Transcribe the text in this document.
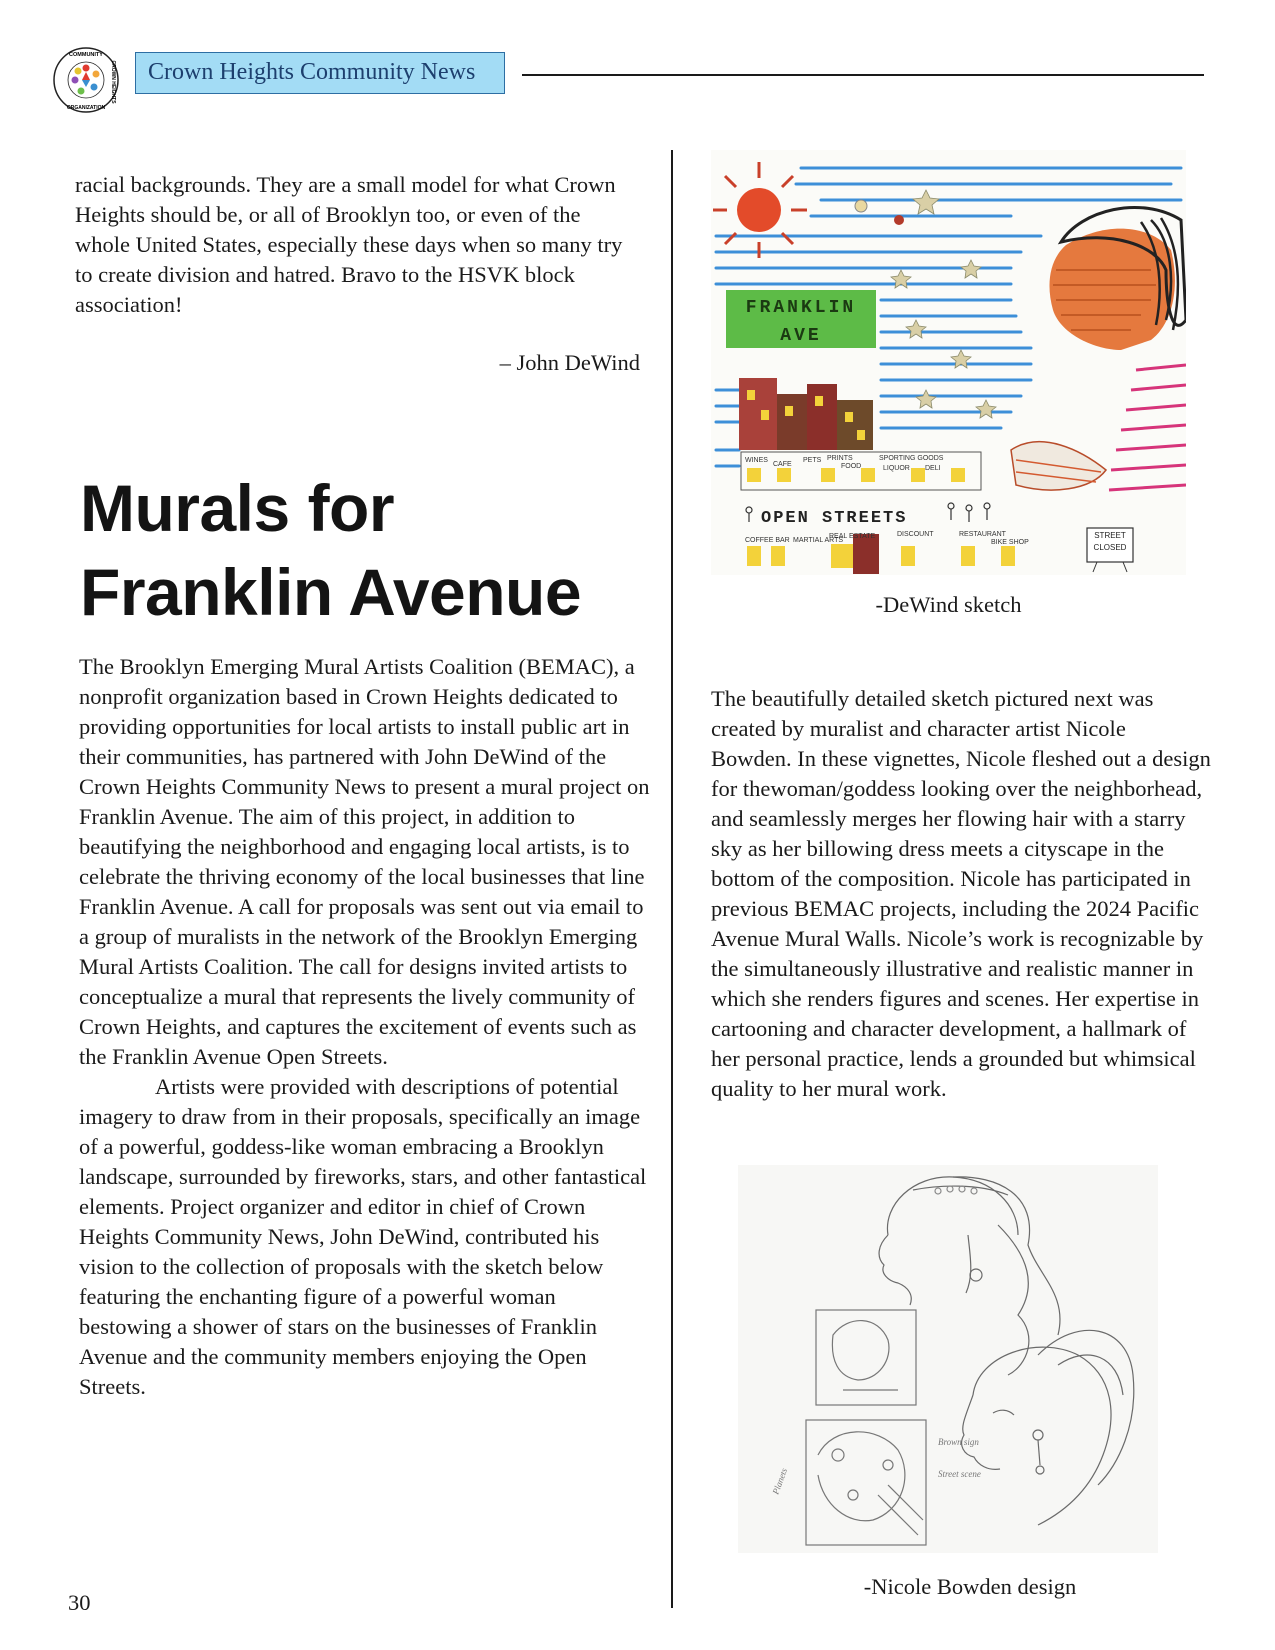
COMMUNITY
CROWN HEIGHTS
ORGANIZATION
Crown Heights Community News

racial backgrounds. They are a small model for what Crown Heights should be, or all of Brooklyn too, or even of the whole United States, especially these days when so many try to create division and hatred. Bravo to the HSVK block association!

– John DeWind
Murals for
Franklin Avenue

The Brooklyn Emerging Mural Artists Coalition (BEMAC), a nonprofit organization based in Crown Heights dedicated to providing opportunities for local artists to install public art in their communities, has partnered with John DeWind of the Crown Heights Community News to present a mural project on Franklin Avenue. The aim of this project, in addition to beautifying the neighborhood and engaging local artists, is to celebrate the thriving economy of the local businesses that line Franklin Avenue. A call for proposals was sent out via email to a group of muralists in the network of the Brooklyn Emerging Mural Artists Coalition. The call for designs invited artists to conceptualize a mural that represents the lively community of Crown Heights, and captures the excitement of events such as the Franklin Avenue Open Streets.

Artists were provided with descriptions of potential imagery to draw from in their proposals, specifically an image of a powerful, goddess-like woman embracing a Brooklyn landscape, surrounded by fireworks, stars, and other fantastical elements. Project organizer and editor in chief of Crown Heights Community News, John DeWind, contributed his vision to the collection of proposals with the sketch below featuring the enchanting figure of a powerful woman bestowing a shower of stars on the businesses of Franklin Avenue and the community members enjoying the Open Streets.

FRANKLIN
AVE
WINES
CAFE
PETS PRINTS
FOOD
SPORTING GOODS
LIQUOR DELI
OPEN STREETS
COFFEE BAR MARTIAL ARTS
REAL ESTATE	DISCOUNT	RESTAURANT
BIKE SHOP
STREET CLOSED
-DeWind sketch

The beautifully detailed sketch pictured next was created by muralist and character artist Nicole Bowden. In these vignettes, Nicole fleshed out a design for thewoman/goddess looking over the neighborhead, and seamlessly merges her flowing hair with a starry sky as her billowing dress meets a cityscape in the bottom of the composition. Nicole has participated in previous BEMAC projects, including the 2024 Pacific Avenue Mural Walls. Nicole’s work is recognizable by the simultaneously illustrative and realistic manner in which she renders figures and scenes. Her expertise in cartooning and character development, a hallmark of her personal practice, lends a grounded but whimsical quality to her mural work.

Planets
Brown sign
Street scene
-Nicole Bowden design
30
